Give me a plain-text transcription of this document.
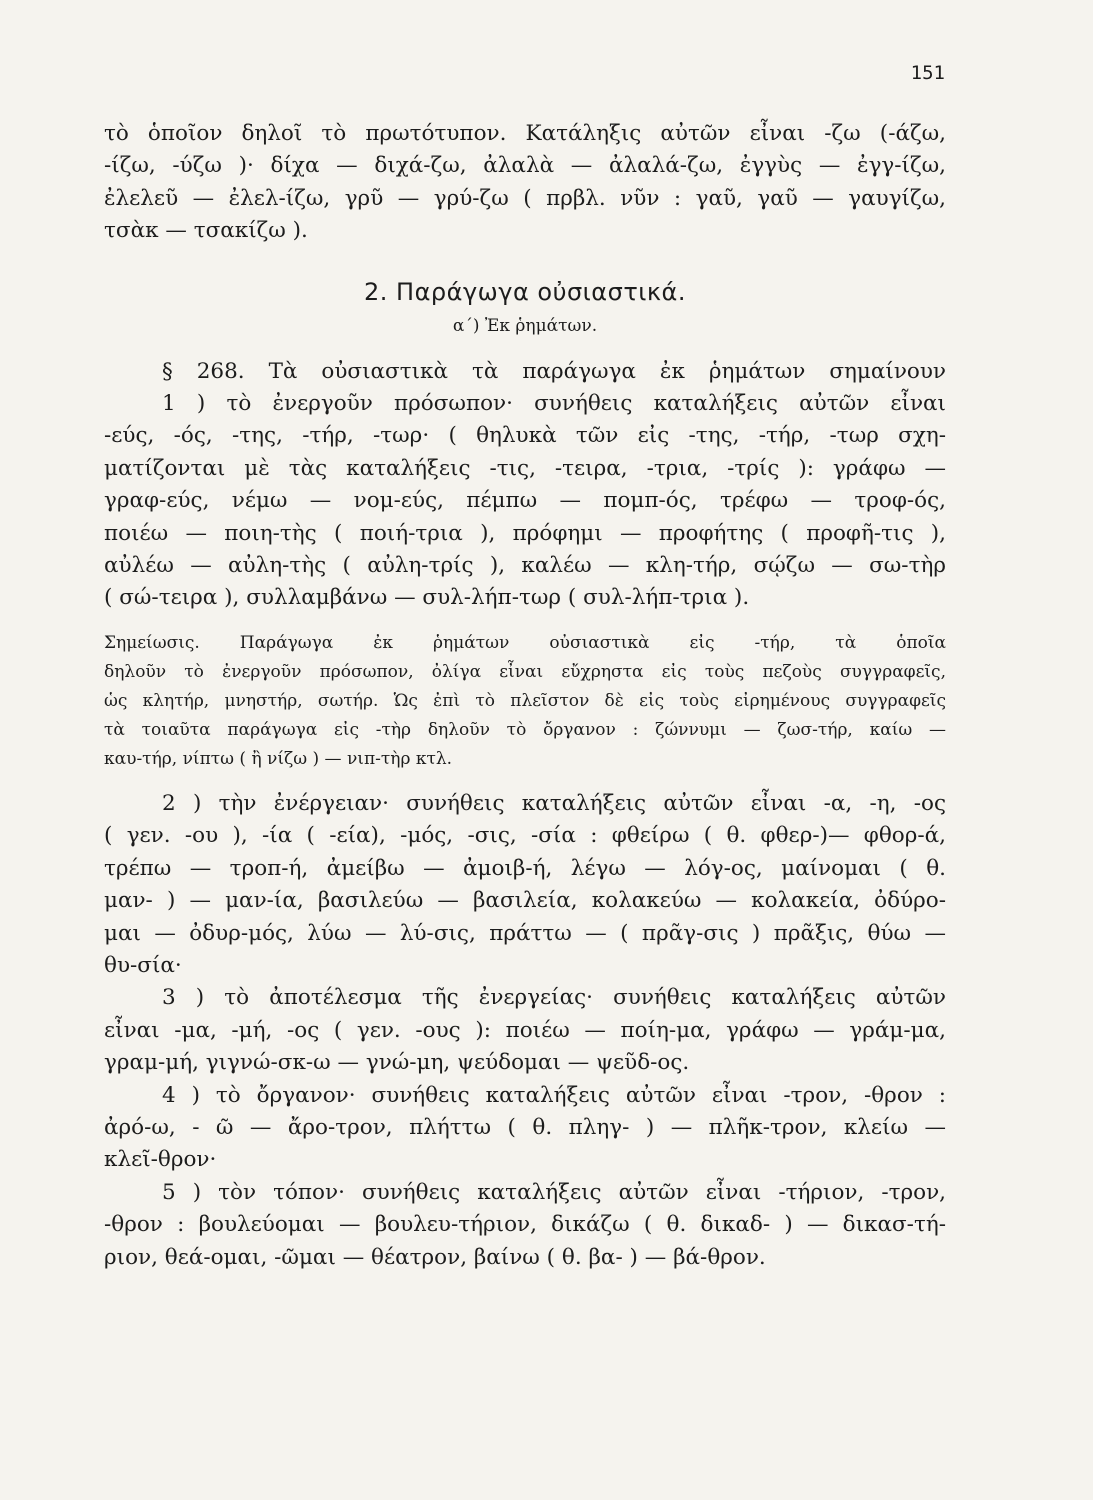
151
τὸ ὁποῖον δηλοῖ τὸ πρωτότυπον. Κατάληξις αὐτῶν εἶναι -ζω (-άζω,
-ίζω, -ύζω )· δίχα — διχά-ζω, ἀλαλὰ — ἀλαλά-ζω, ἐγγὺς — ἐγγ-ίζω,
ἐλελεῦ — ἐλελ-ίζω, γρῦ — γρύ-ζω ( πρβλ. νῦν : γαῦ, γαῦ — γαυγίζω,
τσὰκ — τσακίζω ).
2. Παράγωγα οὐσιαστικά.
α΄) Ἐκ ῥημάτων.
§ 268. Τὰ οὐσιαστικὰ τὰ παράγωγα ἐκ ῥημάτων σημαίνουν
1 ) τὸ ἐνεργοῦν πρόσωπον· συνήθεις καταλήξεις αὐτῶν εἶναι
-εύς, -ός, -της, -τήρ, -τωρ· ( θηλυκὰ τῶν εἰς -της, -τήρ, -τωρ σχη-
ματίζονται μὲ τὰς καταλήξεις -τις, -τειρα, -τρια, -τρίς ): γράφω —
γραφ-εύς, νέμω — νομ-εύς, πέμπω — πομπ-ός, τρέφω — τροφ-ός,
ποιέω — ποιη-τὴς ( ποιή-τρια ), πρόφημι — προφήτης ( προφῆ-τις ),
αὐλέω — αὐλη-τὴς ( αὐλη-τρίς ), καλέω — κλη-τήρ, σῴζω — σω-τὴρ
( σώ-τειρα ), συλλαμβάνω — συλ-λήπ-τωρ ( συλ-λήπ-τρια ).
Σημείωσις. Παράγωγα ἐκ ῥημάτων οὐσιαστικὰ εἰς -τήρ, τὰ ὁποῖα
δηλοῦν τὸ ἐνεργοῦν πρόσωπον, ὀλίγα εἶναι εὔχρηστα εἰς τοὺς πεζοὺς συγγραφεῖς,
ὡς κλητήρ, μνηστήρ, σωτήρ. Ὡς ἐπὶ τὸ πλεῖστον δὲ εἰς τοὺς εἰρημένους συγγραφεῖς
τὰ τοιαῦτα παράγωγα εἰς -τὴρ δηλοῦν τὸ ὄργανον : ζώννυμι — ζωσ-τήρ, καίω —
καυ-τήρ, νίπτω ( ἢ νίζω ) — νιπ-τὴρ κτλ.
2 ) τὴν ἐνέργειαν· συνήθεις καταλήξεις αὐτῶν εἶναι -α, -η, -ος
( γεν. -ου ), -ία ( -εία), -μός, -σις, -σία : φθείρω ( θ. φθερ-)— φθορ-ά,
τρέπω — τροπ-ή, ἀμείβω — ἀμοιβ-ή, λέγω — λόγ-ος, μαίνομαι ( θ.
μαν- ) — μαν-ία, βασιλεύω — βασιλεία, κολακεύω — κολακεία, ὀδύρο-
μαι — ὀδυρ-μός, λύω — λύ-σις, πράττω — ( πρᾶγ-σις ) πρᾶξις, θύω —
θυ-σία·
3 ) τὸ ἀποτέλεσμα τῆς ἐνεργείας· συνήθεις καταλήξεις αὐτῶν
εἶναι -μα, -μή, -ος ( γεν. -ους ): ποιέω — ποίη-μα, γράφω — γράμ-μα,
γραμ-μή, γιγνώ-σκ-ω — γνώ-μη, ψεύδομαι — ψεῦδ-ος.
4 ) τὸ ὄργανον· συνήθεις καταλήξεις αὐτῶν εἶναι -τρον, -θρον :
ἀρό-ω, - ῶ — ἄρο-τρον, πλήττω ( θ. πληγ- ) — πλῆκ-τρον, κλείω —
κλεῖ-θρον·
5 ) τὸν τόπον· συνήθεις καταλήξεις αὐτῶν εἶναι -τήριον, -τρον,
-θρον : βουλεύομαι — βουλευ-τήριον, δικάζω ( θ. δικαδ- ) — δικασ-τή-
ριον, θεά-ομαι, -ῶμαι — θέατρον, βαίνω ( θ. βα- ) — βά-θρον.
